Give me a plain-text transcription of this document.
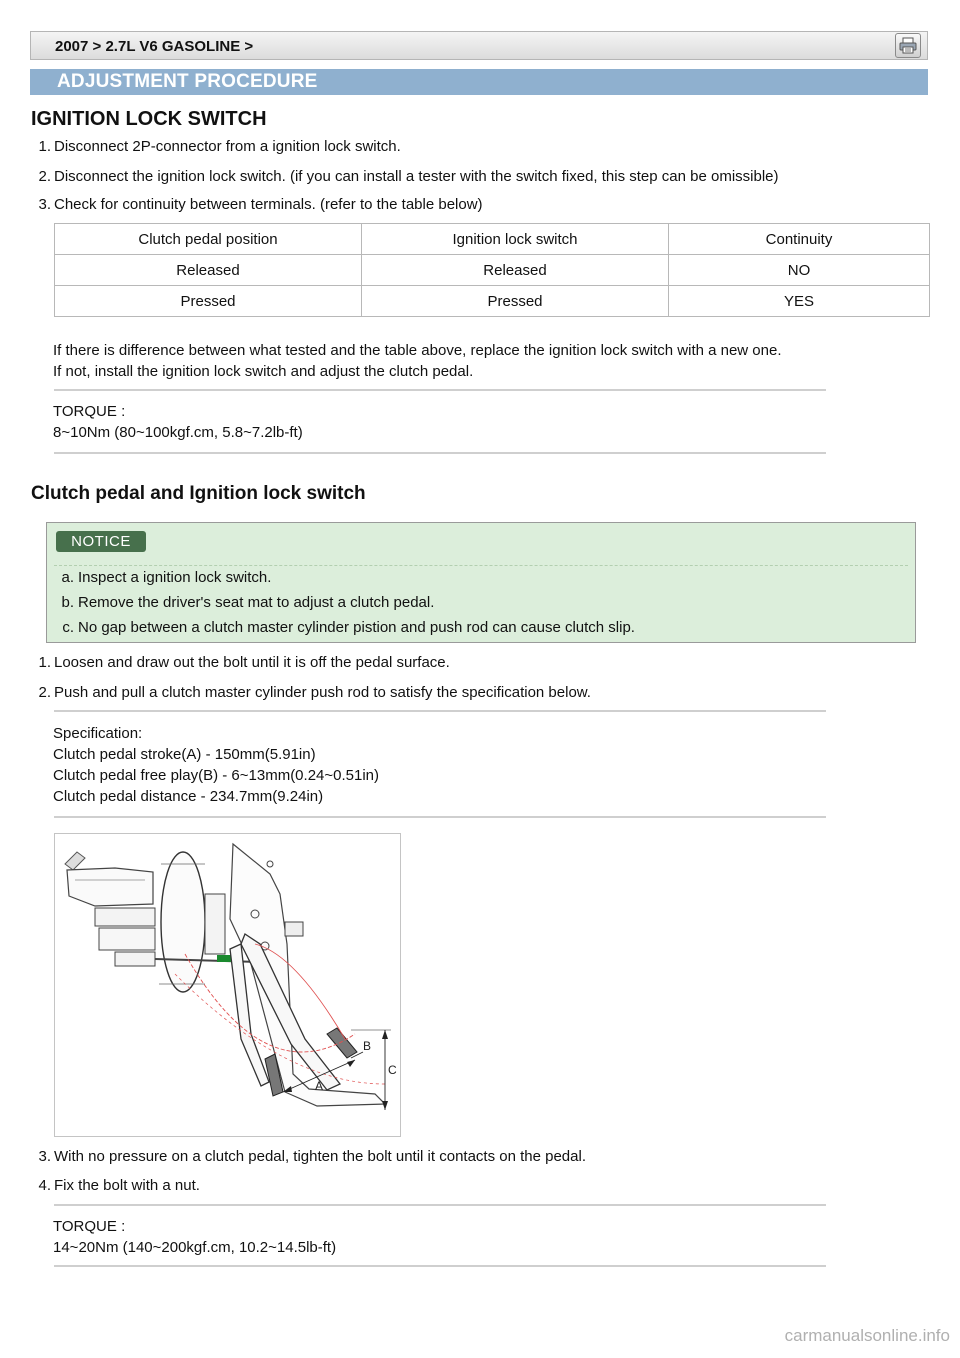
2007 > 2.7L V6 GASOLINE >
ADJUSTMENT PROCEDURE
IGNITION LOCK SWITCH
1. Disconnect 2P-connector from a ignition lock switch.
2. Disconnect the ignition lock switch. (if you can install a tester with the switch fixed, this step can be omissible)
3. Check for continuity between terminals. (refer to the table below)
Clutch pedal position	Ignition lock switch	Continuity
Released	Released	NO
Pressed	Pressed	YES
If there is difference between what tested and the table above, replace the ignition lock switch with a new one.
If not, install the ignition lock switch and adjust the clutch pedal.
TORQUE :
8~10Nm (80~100kgf.cm, 5.8~7.2lb-ft)
Clutch pedal and Ignition lock switch
NOTICE
a. Inspect a ignition lock switch.
b. Remove the driver's seat mat to adjust a clutch pedal.
c. No gap between a clutch master cylinder pistion and push rod can cause clutch slip.
1. Loosen and draw out the bolt until it is off the pedal surface.
2. Push and pull a clutch master cylinder push rod to satisfy the specification below.
Specification:
Clutch pedal stroke(A) - 150mm(5.91in)
Clutch pedal free play(B) - 6~13mm(0.24~0.51in)
Clutch pedal distance - 234.7mm(9.24in)
A
B
C
3. With no pressure on a clutch pedal, tighten the bolt until it contacts on the pedal.
4. Fix the bolt with a nut.
TORQUE :
14~20Nm (140~200kgf.cm, 10.2~14.5lb-ft)
carmanualsonline.info
